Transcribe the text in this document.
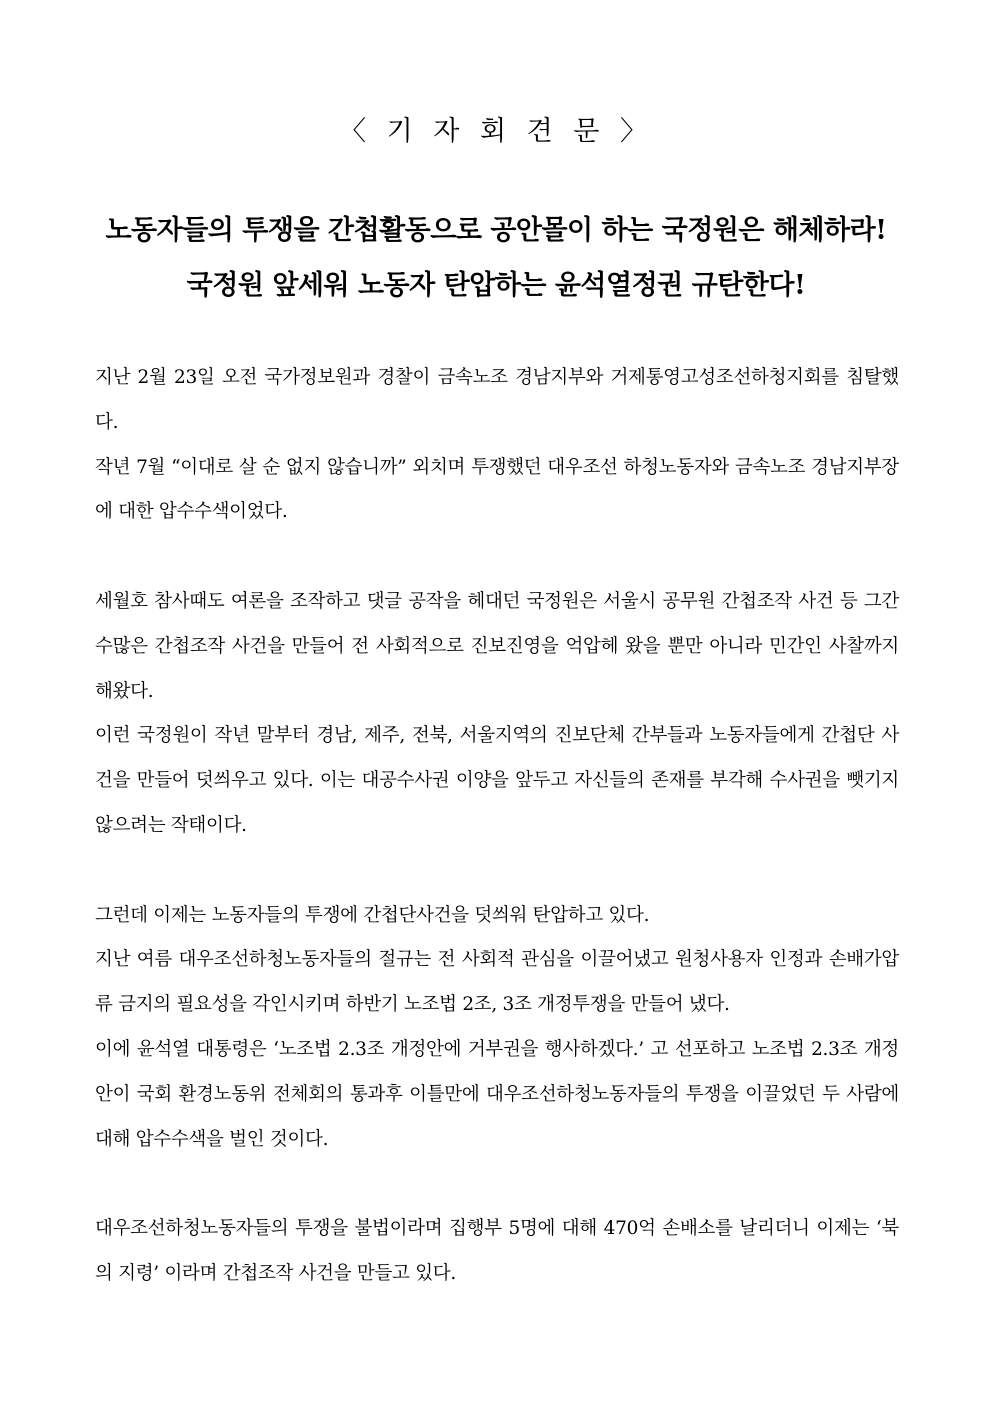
〈 기 자 회 견 문 〉
노동자들의 투쟁을 간첩활동으로 공안몰이 하는 국정원은 해체하라!
국정원 앞세워 노동자 탄압하는 윤석열정권 규탄한다!

지난 2월 23일 오전 국가정보원과 경찰이 금속노조 경남지부와 거제통영고성조선하청지회를 침탈했다.

작년 7월 “이대로 살 순 없지 않습니까” 외치며 투쟁했던 대우조선 하청노동자와 금속노조 경남지부장에 대한 압수수색이었다.

세월호 참사때도 여론을 조작하고 댓글 공작을 헤대던 국정원은 서울시 공무원 간첩조작 사건 등 그간 수많은 간첩조작 사건을 만들어 전 사회적으로 진보진영을 억압헤 왔을 뿐만 아니라 민간인 사찰까지 해왔다.

이런 국정원이 작년 말부터 경남, 제주, 전북, 서울지역의 진보단체 간부들과 노동자들에게 간첩단 사건을 만들어 덧씌우고 있다. 이는 대공수사권 이양을 앞두고 자신들의 존재를 부각해 수사권을 뺏기지 않으려는 작태이다.

그런데 이제는 노동자들의 투쟁에 간첩단사건을 덧씌워 탄압하고 있다.

지난 여름 대우조선하청노동자들의 절규는 전 사회적 관심을 이끌어냈고 원청사용자 인정과 손배가압류 금지의 필요성을 각인시키며 하반기 노조법 2조, 3조 개정투쟁을 만들어 냈다.

이에 윤석열 대통령은 ‘노조법 2.3조 개정안에 거부권을 행사하겠다.’ 고 선포하고 노조법 2.3조 개정안이 국회 환경노동위 전체회의 통과후 이틀만에 대우조선하청노동자들의 투쟁을 이끌었던 두 사람에 대해 압수수색을 벌인 것이다.

대우조선하청노동자들의 투쟁을 불법이라며 집행부 5명에 대해 470억 손배소를 날리더니 이제는 ‘북의 지령’ 이라며 간첩조작 사건을 만들고 있다.
